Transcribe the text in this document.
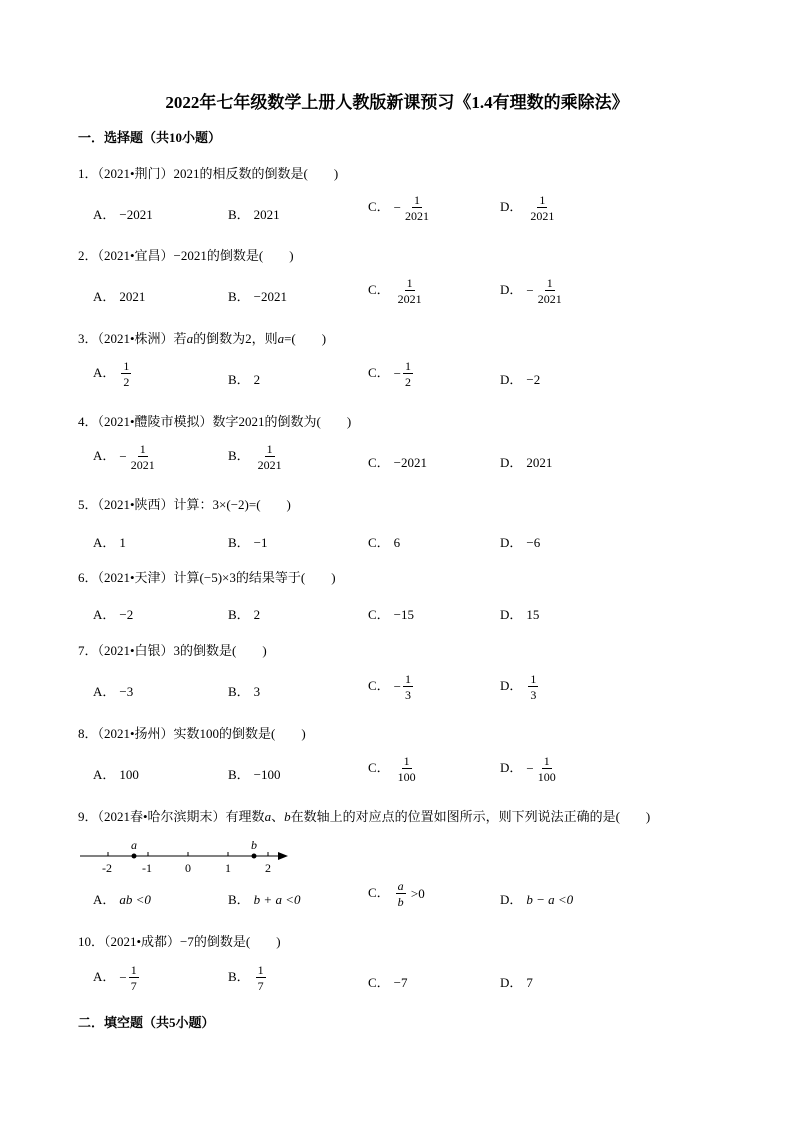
2022年七年级数学上册人教版新课预习《1.4有理数的乘除法》
一．选择题（共10小题）
1．（2021•荆门）2021的相反数的倒数是(　　)
A． −2021	B． 2021
C． − $\frac{1}{2021}$	D． $\frac{1}{2021}$
2．（2021•宜昌）−2021的倒数是(　　)
A． 2021	B． −2021	C． $\frac{1}{2021}$	D． − $\frac{1}{2021}$
3．（2021•株洲）若a的倒数为2，则a=(　　)
A． $\frac{1}{2}$	B． 2	C． − $\frac{1}{2}$	D． −2
4．（2021•醴陵市模拟）数字2021的倒数为(　　)
A． − $\frac{1}{2021}$	B． $\frac{1}{2021}$	C． −2021	D． 2021
5．（2021•陕西）计算：3×(−2)=(　　)
A． 1	B． −1	C． 6	D． −6
6．（2021•天津）计算(−5)×3的结果等于(　　)
A． −2	B． 2	C． −15	D． 15
7．（2021•白银）3的倒数是(　　)
A． −3	B． 3	C． − $\frac{1}{3}$	D． $\frac{1}{3}$
8．（2021•扬州）实数100的倒数是(　　)
A． 100	B． −100	C． $\frac{1}{100}$	D． − $\frac{1}{100}$
9．（2021春•哈尔滨期末）有理数a、b在数轴上的对应点的位置如图所示，则下列说法正确的是(　　)
-2	-1	0	1	2
a	b
A． ab <0	B． b + a <0	C． $\frac{a}{b} >0$	D． b − a <0
10．（2021•成都）−7的倒数是(　　)
A． − $\frac{1}{7}$	B． $\frac{1}{7}$	C． −7	D． 7
二．填空题（共5小题）
